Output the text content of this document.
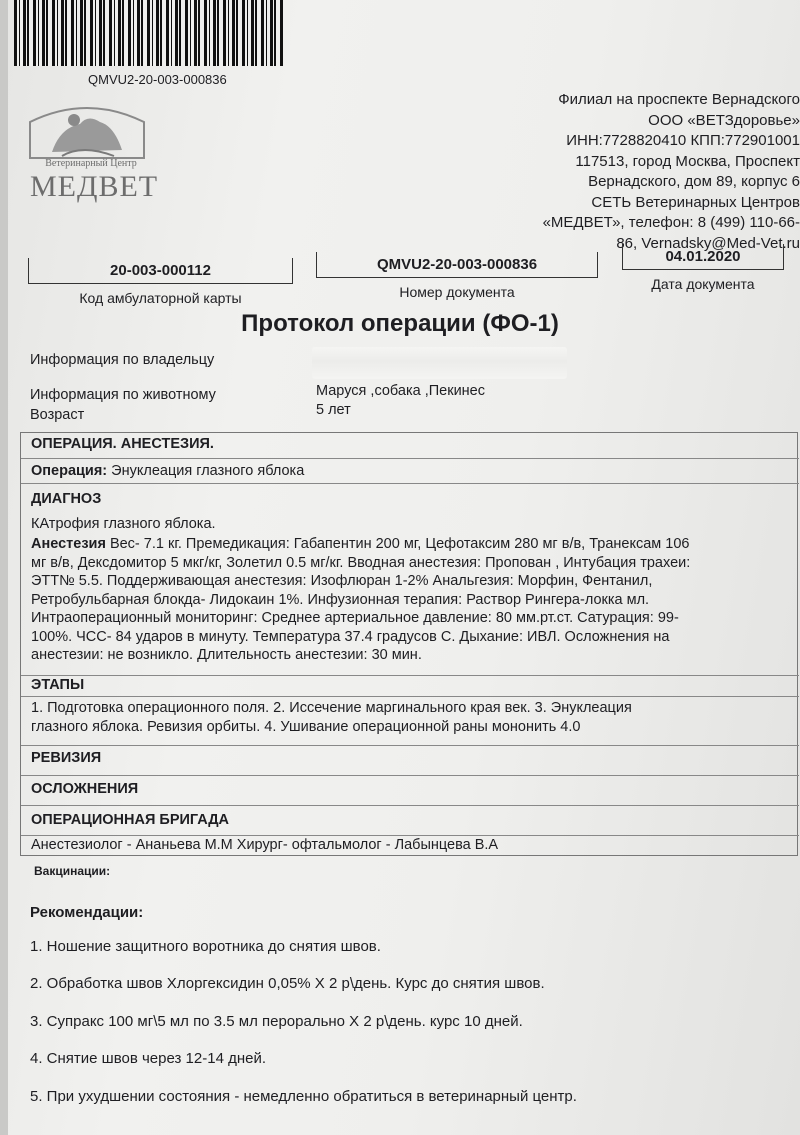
QMVU2-20-003-000836
Ветеринарный Центр
МЕДВЕТ
Филиал на проспекте Вернадского
ООО «ВЕТЗдоровье»
ИНН:7728820410 КПП:772901001
117513, город Москва, Проспект
Вернадского, дом 89, корпус 6
СЕТЬ Ветеринарных Центров
«МЕДВЕТ», телефон: 8 (499) 110-66-
86, Vernadsky@Med-Vet.ru
20-003-000112
Код амбулаторной карты
QMVU2-20-003-000836
Номер документа
04.01.2020
Дата документа
Протокол операции (ФО-1)
Информация по владельцу
Информация по животному	Маруся ,собака ,Пекинес
Возраст	5 лет
ОПЕРАЦИЯ. АНЕСТЕЗИЯ.
Операция: Энуклеация глазного яблока
ДИАГНОЗ
КАтрофия глазного яблока.
Анестезия Вес- 7.1 кг. Премедикация: Габапентин 200 мг, Цефотаксим 280 мг в/в, Транексам 106
мг в/в, Дексдомитор 5 мкг/кг, Золетил 0.5 мг/кг. Вводная анестезия: Пропован , Интубация трахеи:
ЭТТ№ 5.5. Поддерживающая анестезия: Изофлюран 1-2% Анальгезия: Морфин, Фентанил,
Ретробульбарная блокда- Лидокаин 1%. Инфузионная терапия: Раствор Рингера-локка мл.
Интраоперационный мониторинг: Среднее артериальное давление: 80 мм.рт.ст. Сатурация: 99-
100%. ЧСС- 84 ударов в минуту. Температура 37.4 градусов С. Дыхание: ИВЛ. Осложнения на
анестезии: не возникло. Длительность анестезии: 30 мин.
ЭТАПЫ
1. Подготовка операционного поля. 2. Иссечение маргинального края век. 3. Энуклеация
глазного яблока. Ревизия орбиты. 4. Ушивание операционной раны мононить 4.0
РЕВИЗИЯ
ОСЛОЖНЕНИЯ
ОПЕРАЦИОННАЯ БРИГАДА
Анестезиолог - Ананьева М.М Хирург- офтальмолог - Лабынцева В.А
Вакцинации:
Рекомендации:
1. Ношение защитного воротника до снятия швов.
2. Обработка швов Хлоргексидин 0,05% Х 2 р\день. Курс до снятия швов.
3. Супракс 100 мг\5 мл по 3.5 мл перорально Х 2 р\день. курс 10 дней.
4. Снятие швов через 12-14 дней.
5. При ухудшении состояния - немедленно обратиться в ветеринарный центр.
